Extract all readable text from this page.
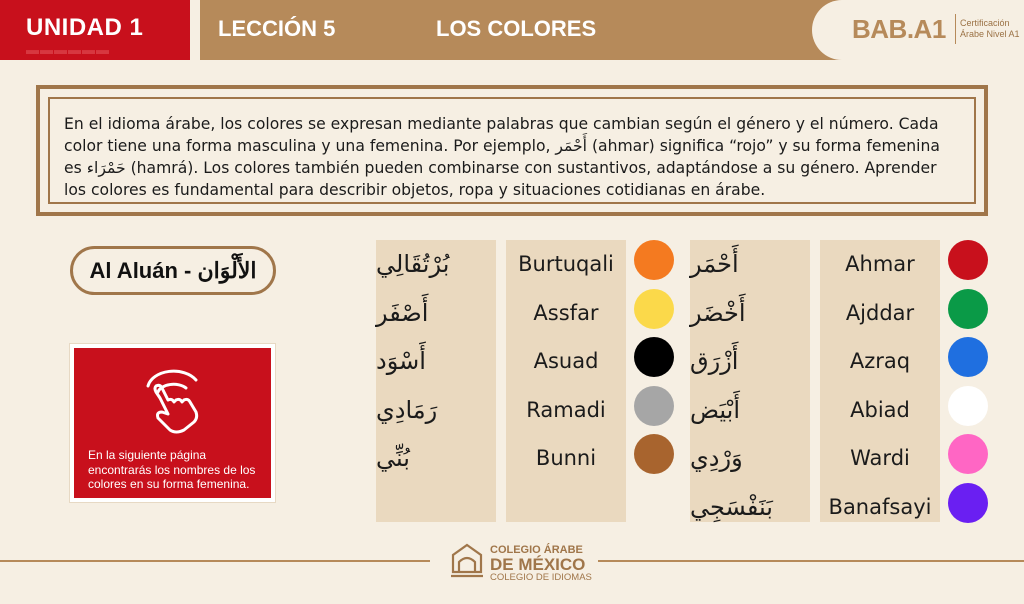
UNIDAD 1
▬▬▬▬▬▬
LECCIÓN 5	LOS COLORES	BAB.A1 Certificación
Árabe Nivel A1

En el idioma árabe, los colores se expresan mediante palabras que cambian según el género y el número. Cada color tiene una forma masculina y una femenina. Por ejemplo, أَحْمَر (ahmar) significa “rojo” y su forma femenina es حَمْرَاء (hamrá). Los colores también pueden combinarse con sustantivos, adaptándose a su género. Aprender los colores es fundamental para describir objetos, ropa y situaciones cotidianas en árabe.

Al Aluán - الأَلْوَان
En la siguiente página encontrarás los nombres de los colores en su forma femenina.
بُرْتُقَالِي
أَصْفَر
أَسْوَد
رَمَادِي
بُنِّي
Burtuqali
Assfar
Asuad
Ramadi
Bunni
أَحْمَر
أَخْضَر
أَزْرَق
أَبْيَض
وَرْدِي
بَنَفْسَجِي
Ahmar
Ajddar
Azraq
Abiad
Wardi
Banafsayi
COLEGIO ÁRABE
DE MÉXICO
COLEGIO DE IDIOMAS
